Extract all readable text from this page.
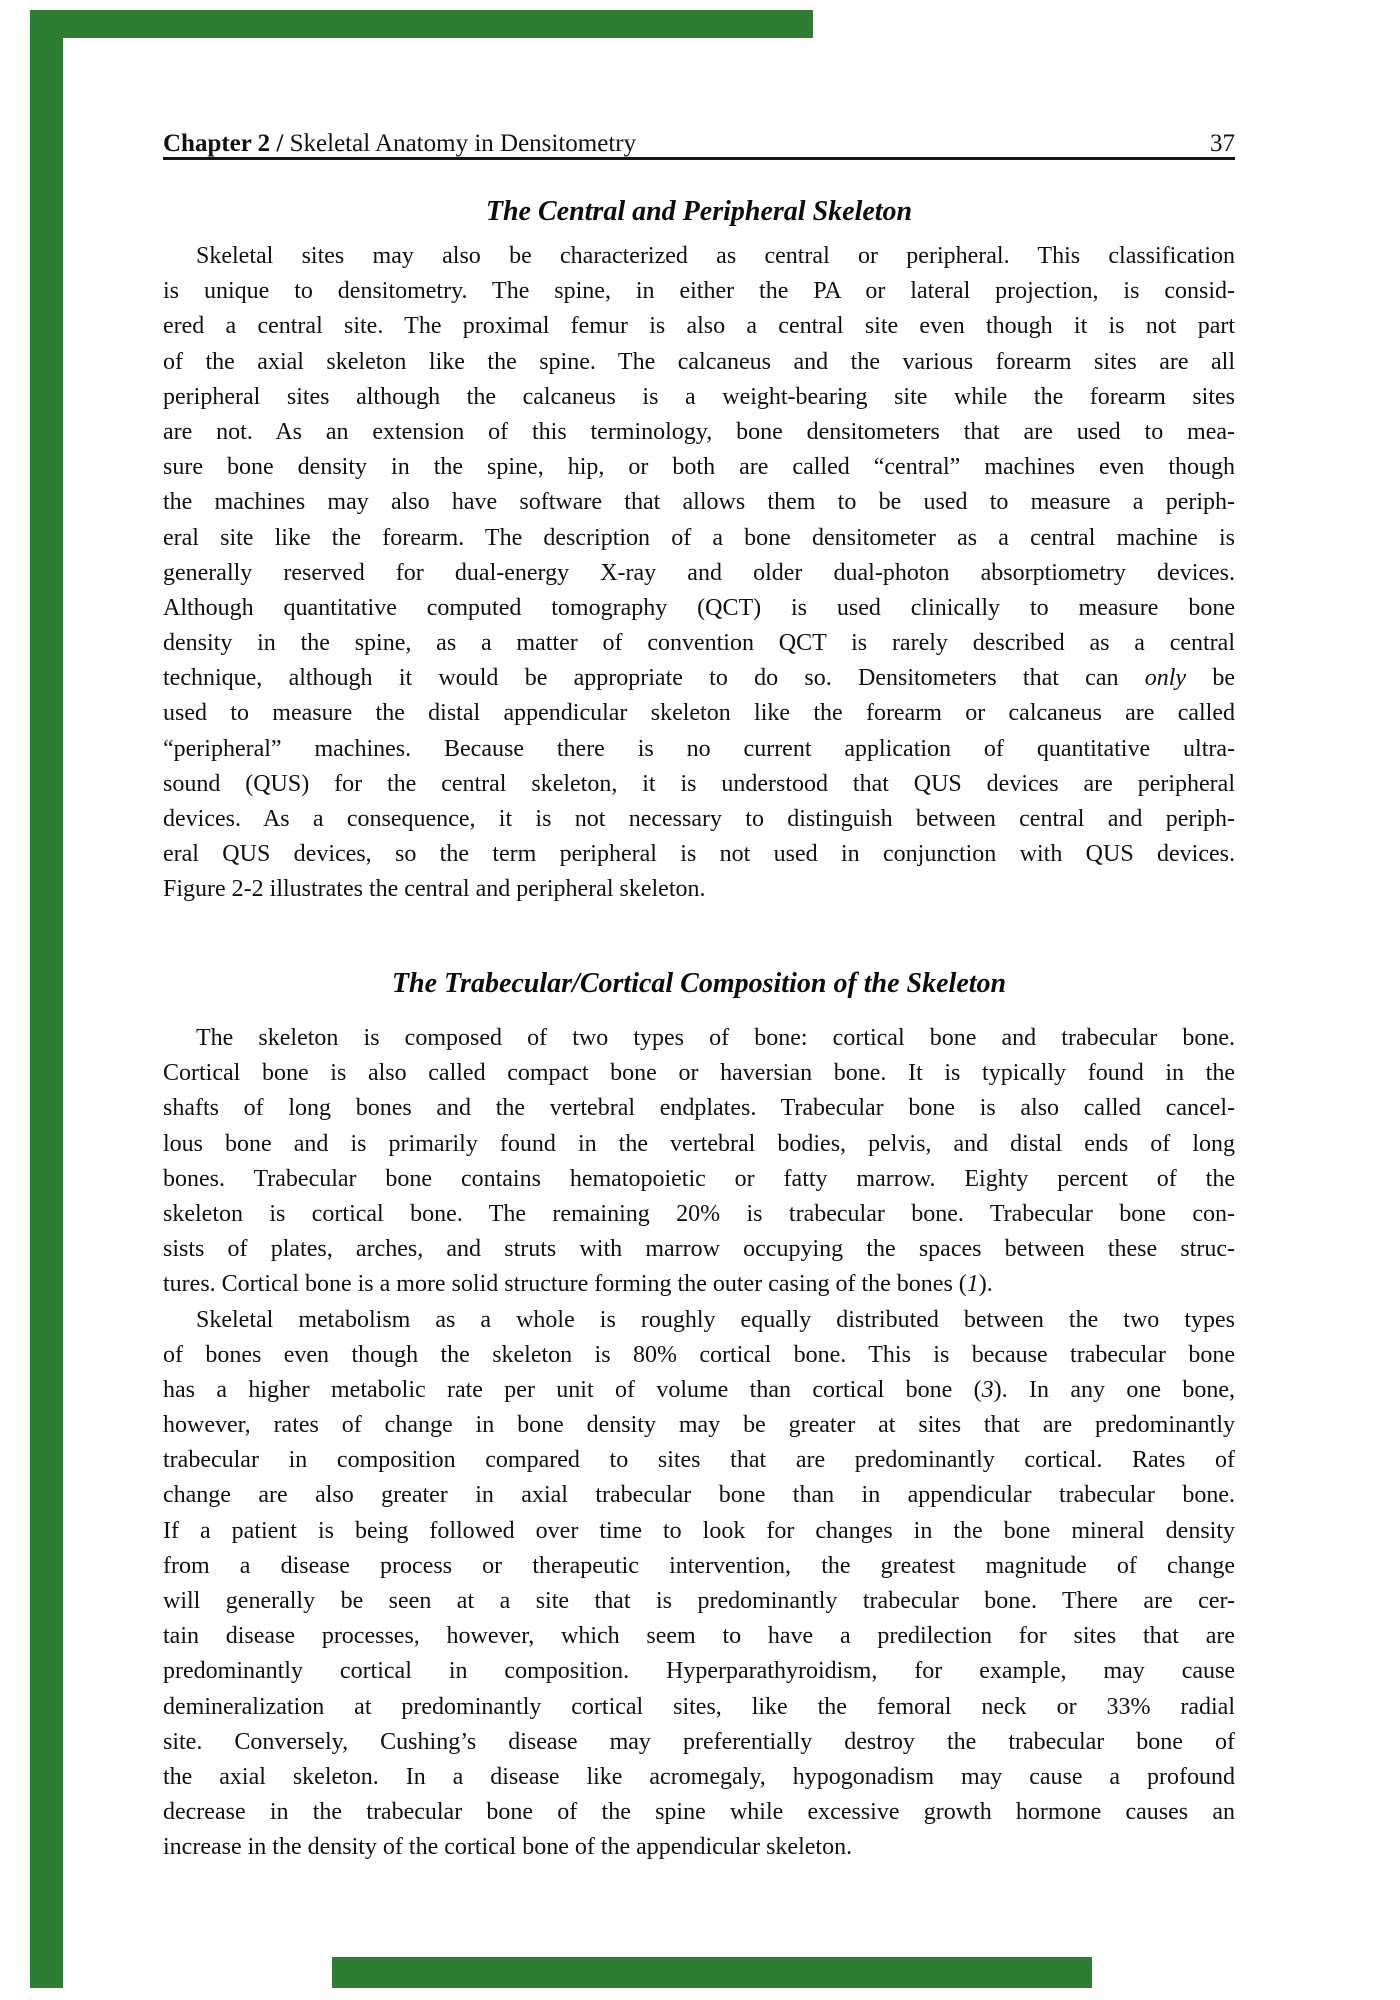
Chapter 2 / Skeletal Anatomy in Densitometry	37
The Central and Peripheral Skeleton
Skeletal sites may also be characterized as central or peripheral. This classification
is unique to densitometry. The spine, in either the PA or lateral projection, is consid-
ered a central site. The proximal femur is also a central site even though it is not part
of the axial skeleton like the spine. The calcaneus and the various forearm sites are all
peripheral sites although the calcaneus is a weight-bearing site while the forearm sites
are not. As an extension of this terminology, bone densitometers that are used to mea-
sure bone density in the spine, hip, or both are called “central” machines even though
the machines may also have software that allows them to be used to measure a periph-
eral site like the forearm. The description of a bone densitometer as a central machine is
generally reserved for dual-energy X-ray and older dual-photon absorptiometry devices.
Although quantitative computed tomography (QCT) is used clinically to measure bone
density in the spine, as a matter of convention QCT is rarely described as a central
technique, although it would be appropriate to do so. Densitometers that can only be
used to measure the distal appendicular skeleton like the forearm or calcaneus are called
“peripheral” machines. Because there is no current application of quantitative ultra-
sound (QUS) for the central skeleton, it is understood that QUS devices are peripheral
devices. As a consequence, it is not necessary to distinguish between central and periph-
eral QUS devices, so the term peripheral is not used in conjunction with QUS devices.
Figure 2-2 illustrates the central and peripheral skeleton.
The Trabecular/Cortical Composition of the Skeleton
The skeleton is composed of two types of bone: cortical bone and trabecular bone.
Cortical bone is also called compact bone or haversian bone. It is typically found in the
shafts of long bones and the vertebral endplates. Trabecular bone is also called cancel-
lous bone and is primarily found in the vertebral bodies, pelvis, and distal ends of long
bones. Trabecular bone contains hematopoietic or fatty marrow. Eighty percent of the
skeleton is cortical bone. The remaining 20% is trabecular bone. Trabecular bone con-
sists of plates, arches, and struts with marrow occupying the spaces between these struc-
tures. Cortical bone is a more solid structure forming the outer casing of the bones (1).
Skeletal metabolism as a whole is roughly equally distributed between the two types
of bones even though the skeleton is 80% cortical bone. This is because trabecular bone
has a higher metabolic rate per unit of volume than cortical bone (3). In any one bone,
however, rates of change in bone density may be greater at sites that are predominantly
trabecular in composition compared to sites that are predominantly cortical. Rates of
change are also greater in axial trabecular bone than in appendicular trabecular bone.
If a patient is being followed over time to look for changes in the bone mineral density
from a disease process or therapeutic intervention, the greatest magnitude of change
will generally be seen at a site that is predominantly trabecular bone. There are cer-
tain disease processes, however, which seem to have a predilection for sites that are
predominantly cortical in composition. Hyperparathyroidism, for example, may cause
demineralization at predominantly cortical sites, like the femoral neck or 33% radial
site. Conversely, Cushing’s disease may preferentially destroy the trabecular bone of
the axial skeleton. In a disease like acromegaly, hypogonadism may cause a profound
decrease in the trabecular bone of the spine while excessive growth hormone causes an
increase in the density of the cortical bone of the appendicular skeleton.
